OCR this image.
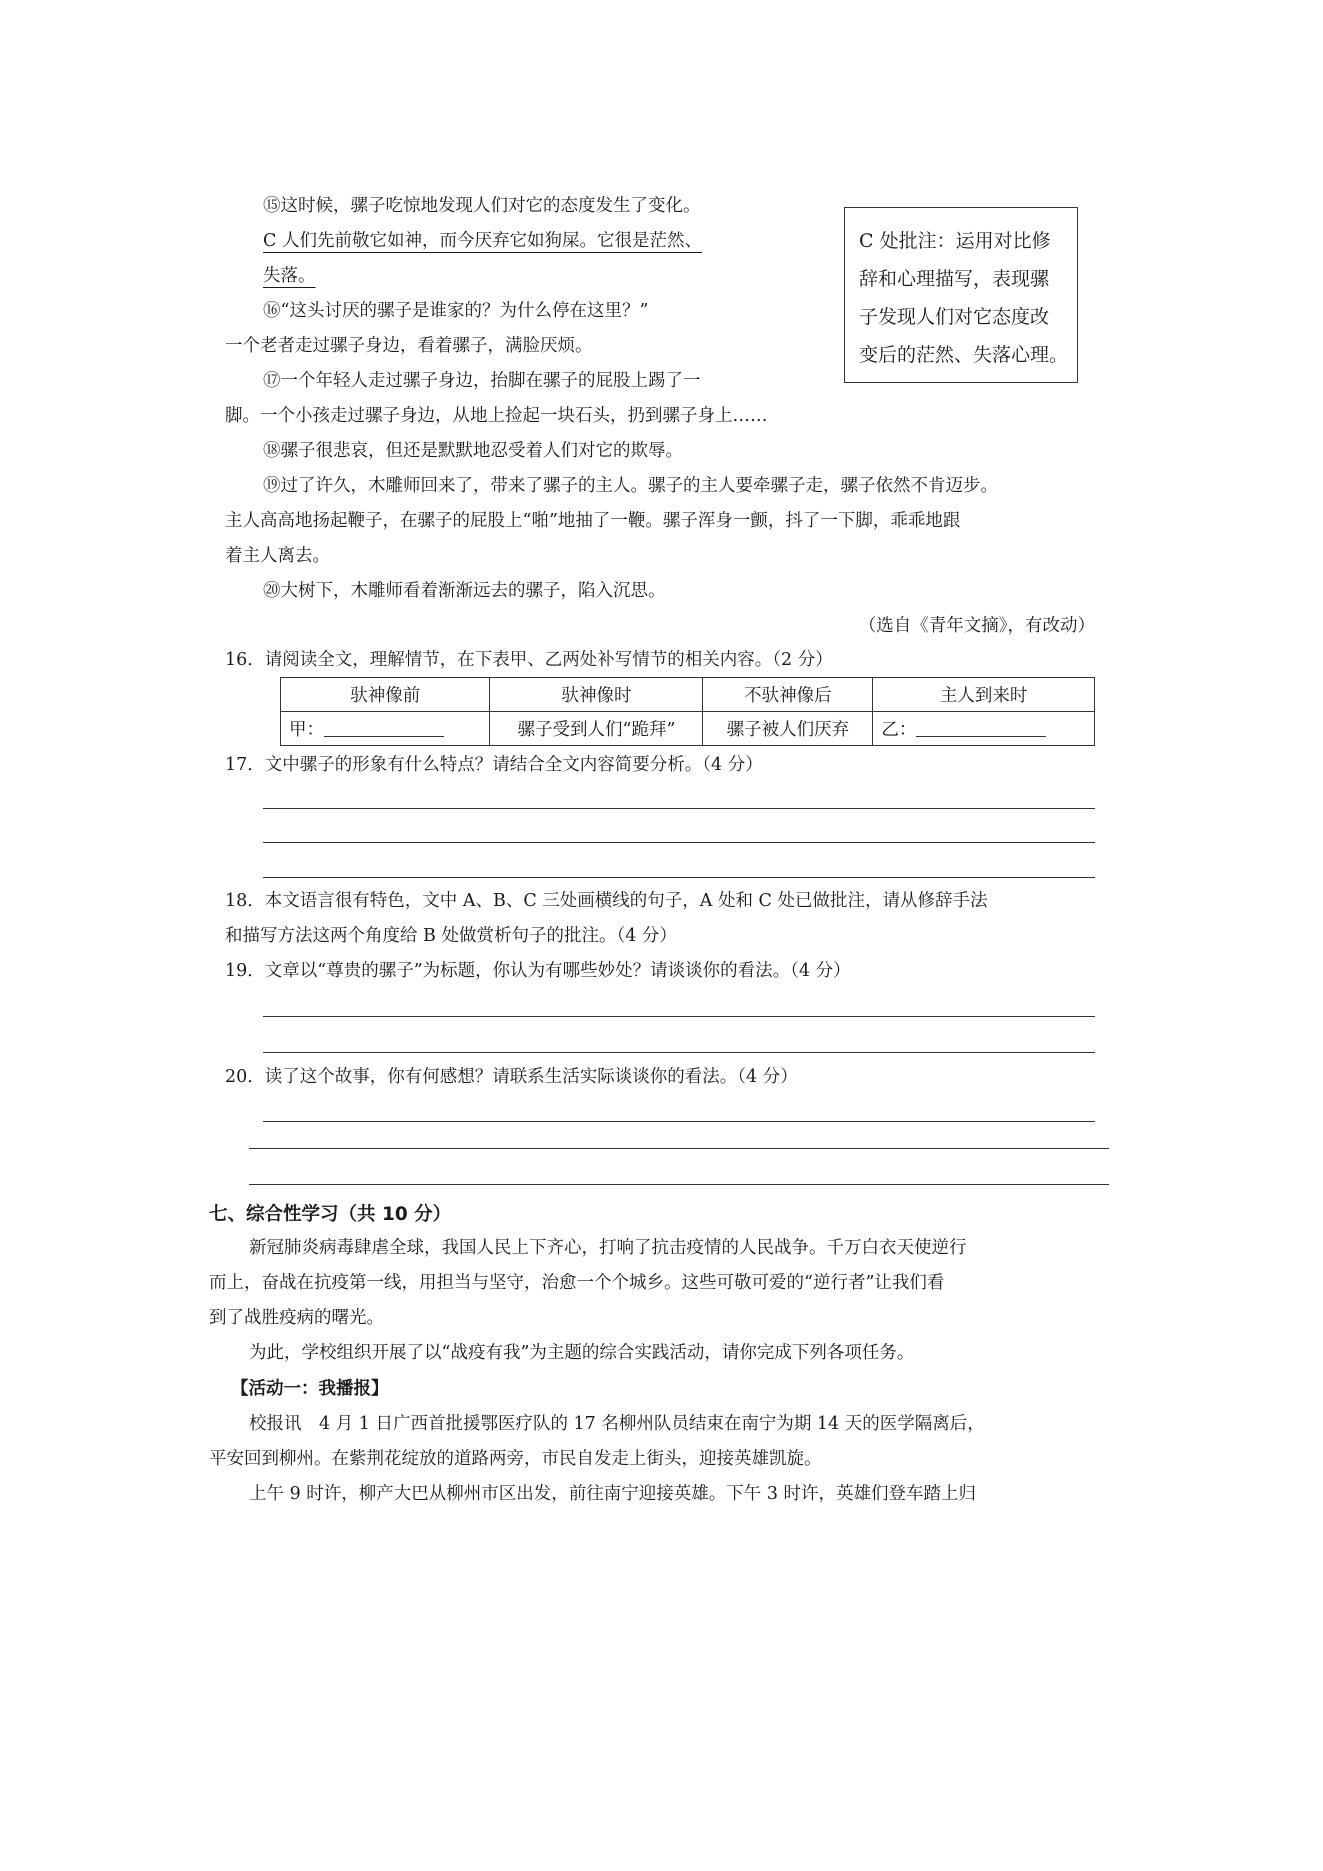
⑮这时候，骡子吃惊地发现人们对它的态度发生了变化。
C 人们先前敬它如神，而今厌弃它如狗屎。它很是茫然、
失落。
⑯“这头讨厌的骡子是谁家的？为什么停在这里？”
一个老者走过骡子身边，看着骡子，满脸厌烦。
⑰一个年轻人走过骡子身边，抬脚在骡子的屁股上踢了一
脚。一个小孩走过骡子身边，从地上捡起一块石头，扔到骡子身上……
⑱骡子很悲哀，但还是默默地忍受着人们对它的欺辱。
⑲过了许久，木雕师回来了，带来了骡子的主人。骡子的主人要牵骡子走，骡子依然不肯迈步。
主人高高地扬起鞭子，在骡子的屁股上“啪”地抽了一鞭。骡子浑身一颤，抖了一下脚，乖乖地跟
着主人离去。
⑳大树下，木雕师看着渐渐远去的骡子，陷入沉思。
（选自《青年文摘》，有改动）
C 处批注：运用对比修
辞和心理描写，表现骡
子发现人们对它态度改
变后的茫然、失落心理。
16．请阅读全文，理解情节，在下表甲、乙两处补写情节的相关内容。（2 分）
驮神像前	驮神像时	不驮神像后	主人到来时
甲：	骡子受到人们“跪拜”	骡子被人们厌弃	乙：
17．文中骡子的形象有什么特点？请结合全文内容简要分析。（4 分）
18．本文语言很有特色，文中 A、B、C 三处画横线的句子，A 处和 C 处已做批注，请从修辞手法
和描写方法这两个角度给 B 处做赏析句子的批注。（4 分）
19．文章以“尊贵的骡子”为标题，你认为有哪些妙处？请谈谈你的看法。（4 分）
20．读了这个故事，你有何感想？请联系生活实际谈谈你的看法。（4 分）
七、综合性学习（共 10 分）
新冠肺炎病毒肆虐全球，我国人民上下齐心，打响了抗击疫情的人民战争。千万白衣天使逆行
而上，奋战在抗疫第一线，用担当与坚守，治愈一个个城乡。这些可敬可爱的“逆行者”让我们看
到了战胜疫病的曙光。
为此，学校组织开展了以“战疫有我”为主题的综合实践活动，请你完成下列各项任务。
【活动一：我播报】
校报讯　4 月 1 日广西首批援鄂医疗队的 17 名柳州队员结束在南宁为期 14 天的医学隔离后，
平安回到柳州。在紫荆花绽放的道路两旁，市民自发走上街头，迎接英雄凯旋。
上午 9 时许，柳产大巴从柳州市区出发，前往南宁迎接英雄。下午 3 时许，英雄们登车踏上归
